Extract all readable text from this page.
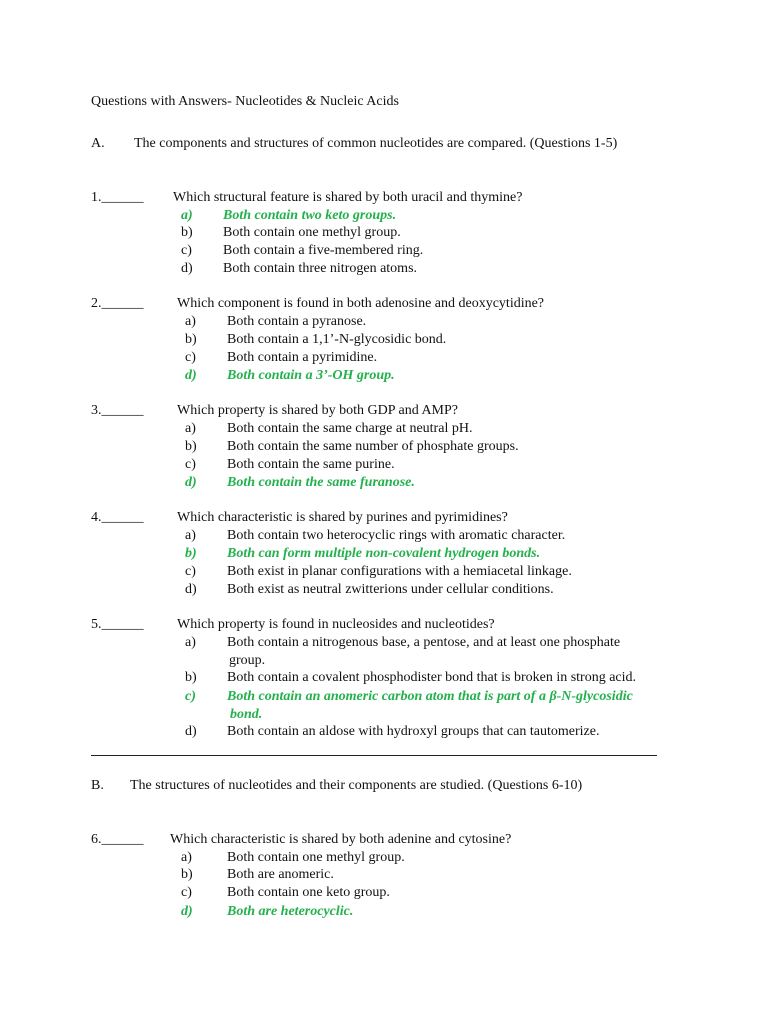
Questions with Answers- Nucleotides & Nucleic Acids
A. The components and structures of common nucleotides are compared. (Questions 1-5)
1.______ Which structural feature is shared by both uracil and thymine?
a) Both contain two keto groups.
b) Both contain one methyl group.
c) Both contain a five-membered ring.
d) Both contain three nitrogen atoms.
2.______ Which component is found in both adenosine and deoxycytidine?
a) Both contain a pyranose.
b) Both contain a 1,1’-N-glycosidic bond.
c) Both contain a pyrimidine.
d) Both contain a 3’-OH group.
3.______ Which property is shared by both GDP and AMP?
a) Both contain the same charge at neutral pH.
b) Both contain the same number of phosphate groups.
c) Both contain the same purine.
d) Both contain the same furanose.
4.______ Which characteristic is shared by purines and pyrimidines?
a) Both contain two heterocyclic rings with aromatic character.
b) Both can form multiple non-covalent hydrogen bonds.
c) Both exist in planar configurations with a hemiacetal linkage.
d) Both exist as neutral zwitterions under cellular conditions.
5.______ Which property is found in nucleosides and nucleotides?
a) Both contain a nitrogenous base, a pentose, and at least one phosphate
group.
b) Both contain a covalent phosphodister bond that is broken in strong acid.
c) Both contain an anomeric carbon atom that is part of a β-N-glycosidic
bond.
d) Both contain an aldose with hydroxyl groups that can tautomerize.
B. The structures of nucleotides and their components are studied. (Questions 6-10)
6.______ Which characteristic is shared by both adenine and cytosine?
a)	Both contain one methyl group.
b) Both are anomeric.
c)	Both contain one keto group.
d) Both are heterocyclic.
